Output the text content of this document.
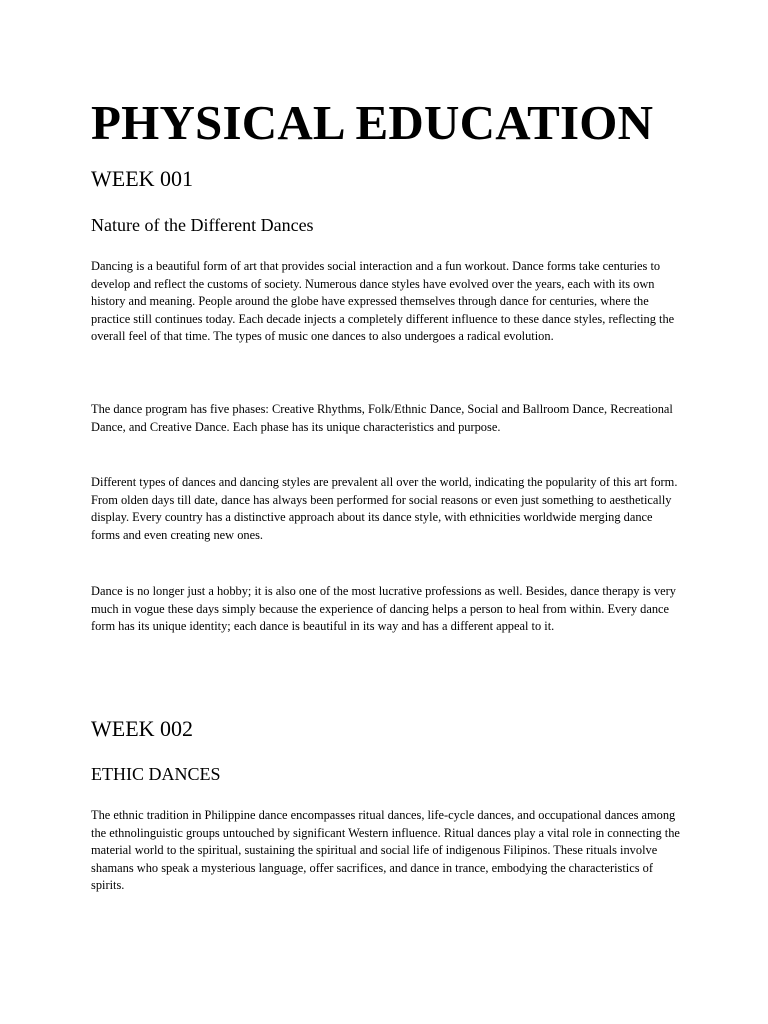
PHYSICAL EDUCATION
WEEK 001
Nature of the Different Dances

Dancing is a beautiful form of art that provides social interaction and a fun workout. Dance forms take centuries to develop and reflect the customs of society. Numerous dance styles have evolved over the years, each with its own history and meaning. People around the globe have expressed themselves through dance for centuries, where the practice still continues today. Each decade injects a completely different influence to these dance styles, reflecting the overall feel of that time. The types of music one dances to also undergoes a radical evolution.

The dance program has five phases: Creative Rhythms, Folk/Ethnic Dance, Social and Ballroom Dance, Recreational Dance, and Creative Dance. Each phase has its unique characteristics and purpose.

Different types of dances and dancing styles are prevalent all over the world, indicating the popularity of this art form. From olden days till date, dance has always been performed for social reasons or even just something to aesthetically display. Every country has a distinctive approach about its dance style, with ethnicities worldwide merging dance forms and even creating new ones.

Dance is no longer just a hobby; it is also one of the most lucrative professions as well. Besides, dance therapy is very much in vogue these days simply because the experience of dancing helps a person to heal from within. Every dance form has its unique identity; each dance is beautiful in its way and has a different appeal to it.

WEEK 002
ETHIC DANCES

The ethnic tradition in Philippine dance encompasses ritual dances, life-cycle dances, and occupational dances among the ethnolinguistic groups untouched by significant Western influence. Ritual dances play a vital role in connecting the material world to the spiritual, sustaining the spiritual and social life of indigenous Filipinos. These rituals involve shamans who speak a mysterious language, offer sacrifices, and dance in trance, embodying the characteristics of spirits.
